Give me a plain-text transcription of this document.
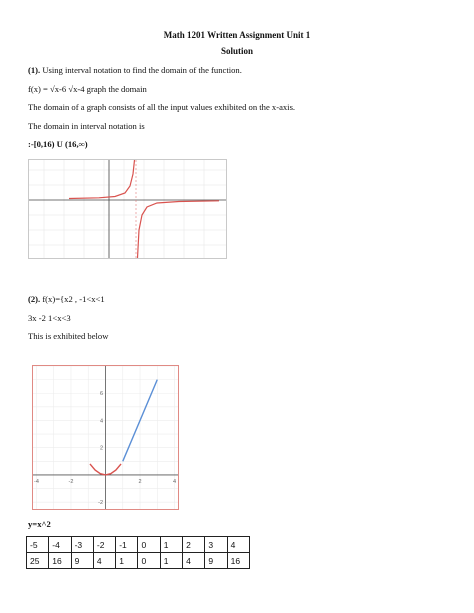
Math 1201 Written Assignment Unit 1
Solution
(1). Using interval notation to find the domain of the function.
f(x) = √x-6 √x-4 graph the domain
The domain of a graph consists of all the input values exhibited on the x-axis.
The domain in interval notation is
:-[0,16) U (16,∞)
(2). f(x)={x2 , -1<x<1
3x -2 1<x<3
This is exhibited below
-4	-2	2	4
6
4
2
-2
y=x^2
-5	-4	-3	-2	-1	0	1	2	3	4
25	16	9	4	1	0	1	4	9	16
